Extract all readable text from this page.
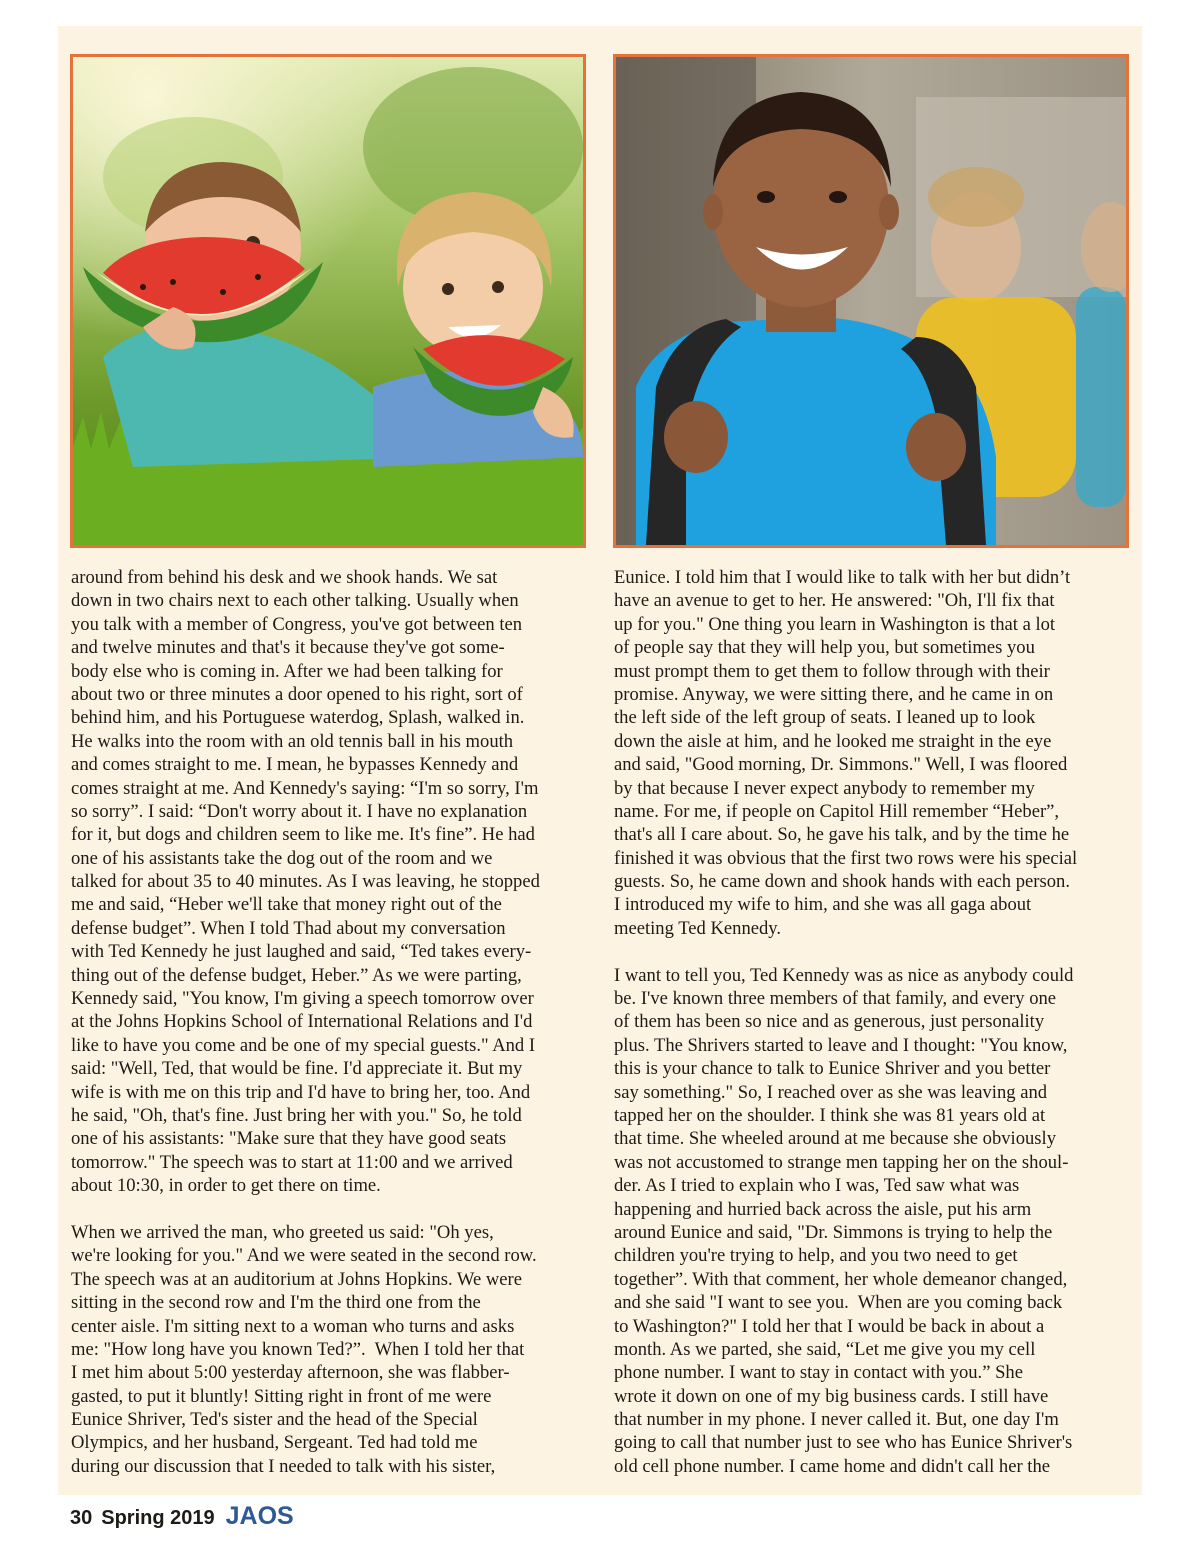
around from behind his desk and we shook hands. We sat
down in two chairs next to each other talking. Usually when
you talk with a member of Congress, you've got between ten
and twelve minutes and that's it because they've got some-
body else who is coming in. After we had been talking for
about two or three minutes a door opened to his right, sort of
behind him, and his Portuguese waterdog, Splash, walked in.
He walks into the room with an old tennis ball in his mouth
and comes straight to me. I mean, he bypasses Kennedy and
comes straight at me. And Kennedy's saying: “I'm so sorry, I'm
so sorry”. I said: “Don't worry about it. I have no explanation
for it, but dogs and children seem to like me. It's fine”. He had
one of his assistants take the dog out of the room and we
talked for about 35 to 40 minutes. As I was leaving, he stopped
me and said, “Heber we'll take that money right out of the
defense budget”. When I told Thad about my conversation
with Ted Kennedy he just laughed and said, “Ted takes every-
thing out of the defense budget, Heber.” As we were parting,
Kennedy said, "You know, I'm giving a speech tomorrow over
at the Johns Hopkins School of International Relations and I'd
like to have you come and be one of my special guests." And I
said: "Well, Ted, that would be fine. I'd appreciate it. But my
wife is with me on this trip and I'd have to bring her, too. And
he said, "Oh, that's fine. Just bring her with you." So, he told
one of his assistants: "Make sure that they have good seats
tomorrow." The speech was to start at 11:00 and we arrived
about 10:30, in order to get there on time.
When we arrived the man, who greeted us said: "Oh yes,
we're looking for you." And we were seated in the second row.
The speech was at an auditorium at Johns Hopkins. We were
sitting in the second row and I'm the third one from the
center aisle. I'm sitting next to a woman who turns and asks
me: "How long have you known Ted?”.  When I told her that
I met him about 5:00 yesterday afternoon, she was flabber-
gasted, to put it bluntly! Sitting right in front of me were
Eunice Shriver, Ted's sister and the head of the Special
Olympics, and her husband, Sergeant. Ted had told me
during our discussion that I needed to talk with his sister,
Eunice. I told him that I would like to talk with her but didn’t
have an avenue to get to her. He answered: "Oh, I'll fix that
up for you." One thing you learn in Washington is that a lot
of people say that they will help you, but sometimes you
must prompt them to get them to follow through with their
promise. Anyway, we were sitting there, and he came in on
the left side of the left group of seats. I leaned up to look
down the aisle at him, and he looked me straight in the eye
and said, "Good morning, Dr. Simmons." Well, I was floored
by that because I never expect anybody to remember my
name. For me, if people on Capitol Hill remember “Heber”,
that's all I care about. So, he gave his talk, and by the time he
finished it was obvious that the first two rows were his special
guests. So, he came down and shook hands with each person.
I introduced my wife to him, and she was all gaga about
meeting Ted Kennedy.
I want to tell you, Ted Kennedy was as nice as anybody could
be. I've known three members of that family, and every one
of them has been so nice and as generous, just personality
plus. The Shrivers started to leave and I thought: "You know,
this is your chance to talk to Eunice Shriver and you better
say something." So, I reached over as she was leaving and
tapped her on the shoulder. I think she was 81 years old at
that time. She wheeled around at me because she obviously
was not accustomed to strange men tapping her on the shoul-
der. As I tried to explain who I was, Ted saw what was
happening and hurried back across the aisle, put his arm
around Eunice and said, "Dr. Simmons is trying to help the
children you're trying to help, and you two need to get
together”. With that comment, her whole demeanor changed,
and she said "I want to see you.  When are you coming back
to Washington?" I told her that I would be back in about a
month. As we parted, she said, “Let me give you my cell
phone number. I want to stay in contact with you.” She
wrote it down on one of my big business cards. I still have
that number in my phone. I never called it. But, one day I'm
going to call that number just to see who has Eunice Shriver's
old cell phone number. I came home and didn't call her the
30 Spring 2019 JAOS
